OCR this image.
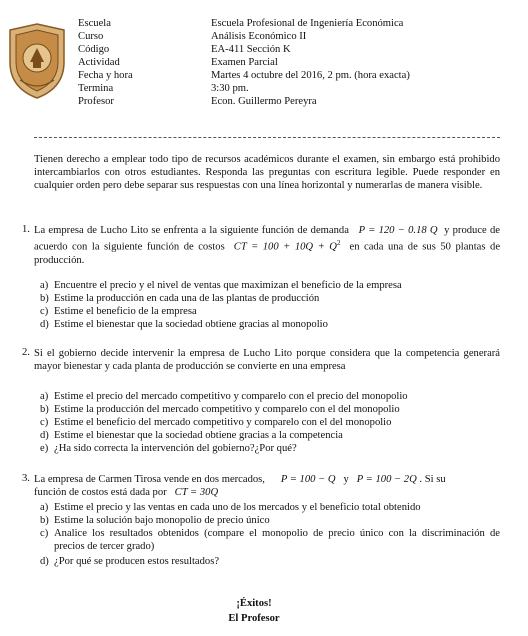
Escuela	Escuela Profesional de Ingeniería Económica
Curso	Análisis Económico II
Código	EA-411 Sección K
Actividad	Examen Parcial
Fecha y hora	Martes 4 octubre del 2016, 2 pm. (hora exacta)
Termina	3:30 pm.
Profesor	Econ. Guillermo Pereyra
Tienen derecho a emplear todo tipo de recursos académicos durante el examen, sin embargo está prohibido intercambiarlos con otros estudiantes. Responda las preguntas con escritura legible. Puede responder en cualquier orden pero debe separar sus respuestas con una línea horizontal y numerarlas de manera visible.
1. La empresa de Lucho Lito se enfrenta a la siguiente función de demanda P = 120 − 0.18 Q y produce de acuerdo con la siguiente función de costos CT = $100 + 10Q + Q^2$ en cada una de sus 50 plantas de producción.
a) Encuentre el precio y el nivel de ventas que maximizan el beneficio de la empresa
b) Estime la producción en cada una de las plantas de producción
c) Estime el beneficio de la empresa
d) Estime el bienestar que la sociedad obtiene gracias al monopolio
2. Si el gobierno decide intervenir la empresa de Lucho Lito porque considera que la competencia generará mayor bienestar y cada planta de producción se convierte en una empresa
a) Estime el precio del mercado competitivo y comparelo con el precio del monopolio
b) Estime la producción del mercado competitivo y comparelo con el del monopolio
c) Estime el beneficio del mercado competitivo y comparelo con el del monopolio
d) Estime el bienestar que la sociedad obtiene gracias a la competencia
e) ¿Ha sido correcta la intervención del gobierno?¿Por qué?
3. La empresa de Carmen Tirosa vende en dos mercados, P = 100 − Q y P = 100 − 2Q . Si su
función de costos está dada por CT = 30Q
a) Estime el precio y las ventas en cada uno de los mercados y el beneficio total obtenido
b) Estime la solución bajo monopolio de precio único
c) Analice los resultados obtenidos (compare el monopolio de precio único con la discriminación de precios de tercer grado)
d) ¿Por qué se producen estos resultados?
¡Éxitos!
El Profesor
